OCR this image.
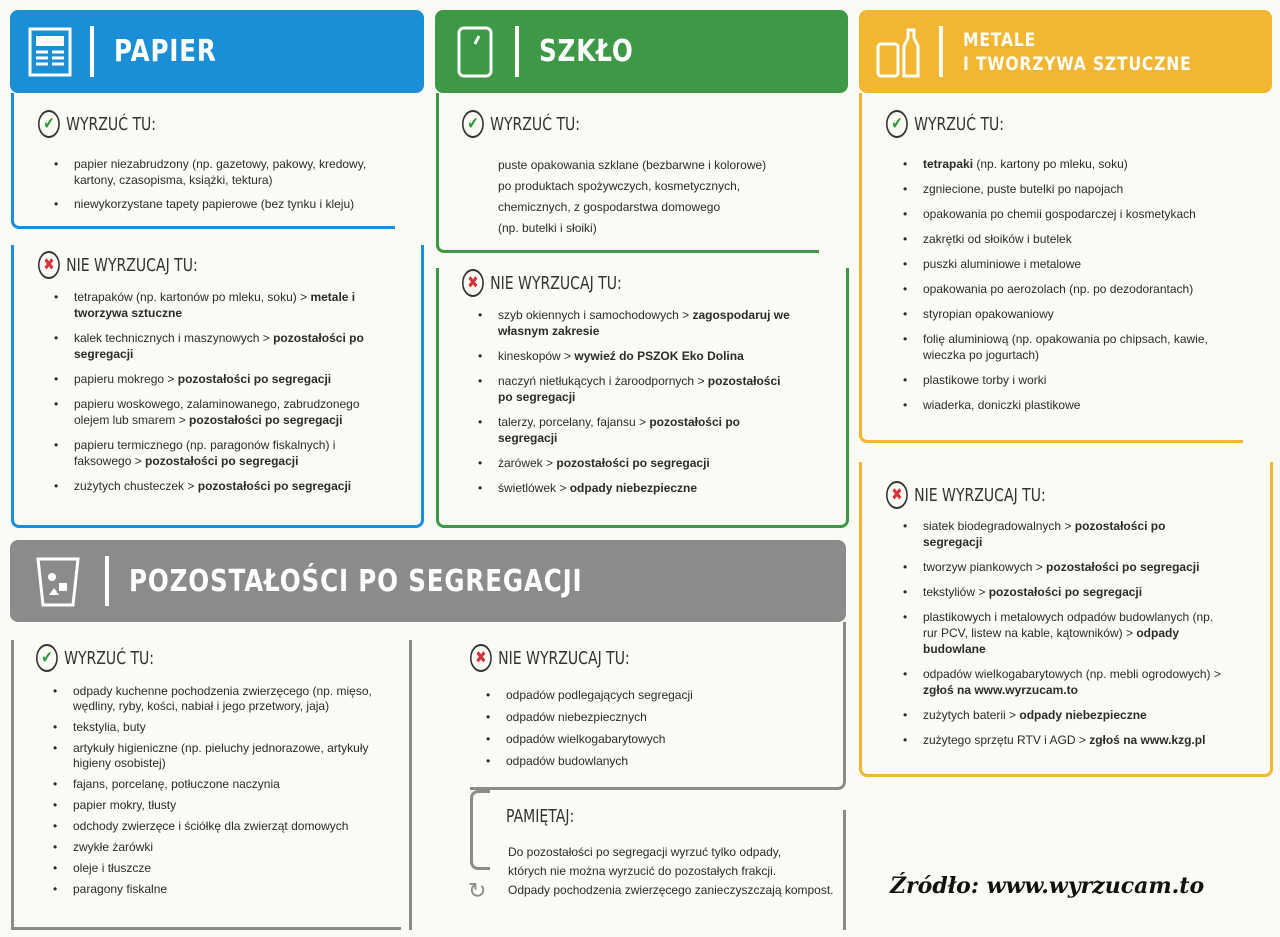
PAPIER	SZKŁO	METALE
I TWORZYWA SZTUCZNE
POZOSTAŁOŚCI PO SEGREGACJI
✔ WYRZUĆ TU:
• papier niezabrudzony (np. gazetowy, pakowy, kredowy, kartony, czasopisma, książki, tektura)
• niewykorzystane tapety papierowe (bez tynku i kleju)
✖ NIE WYRZUCAJ TU:
• tetrapaków (np. kartonów po mleku, soku) > metale i tworzywa sztuczne
• kalek technicznych i maszynowych > pozostałości po segregacji
• papieru mokrego > pozostałości po segregacji
• papieru woskowego, zalaminowanego, zabrudzonego olejem lub smarem > pozostałości po segregacji
• papieru termicznego (np. paragonów fiskalnych) i faksowego > pozostałości po segregacji
• zużytych chusteczek > pozostałości po segregacji
✔ WYRZUĆ TU:
puste opakowania szklane (bezbarwne i kolorowe)
po produktach spożywczych, kosmetycznych,
chemicznych, z gospodarstwa domowego
(np. butelki i słoiki)
✖ NIE WYRZUCAJ TU:
• szyb okiennych i samochodowych > zagospodaruj we własnym zakresie
• kineskopów > wywieź do PSZOK Eko Dolina
• naczyń nietłukących i żaroodpornych > pozostałości po segregacji
• talerzy, porcelany, fajansu > pozostałości po segregacji
• żarówek > pozostałości po segregacji
• świetlówek > odpady niebezpieczne
✔ WYRZUĆ TU:
• tetrapaki (np. kartony po mleku, soku)
• zgniecione, puste butelki po napojach
• opakowania po chemii gospodarczej i kosmetykach
• zakrętki od słoików i butelek
• puszki aluminiowe i metalowe
• opakowania po aerozolach (np. po dezodorantach)
• styropian opakowaniowy
• folię aluminiową (np. opakowania po chipsach, kawie, wieczka po jogurtach)
• plastikowe torby i worki
• wiaderka, doniczki plastikowe
✖ NIE WYRZUCAJ TU:
• siatek biodegradowalnych > pozostałości po segregacji
• tworzyw piankowych > pozostałości po segregacji
• tekstyliów > pozostałości po segregacji
• plastikowych i metalowych odpadów budowlanych (np. rur PCV, listew na kable, kątowników) > odpady budowlane
• odpadów wielkogabarytowych (np. mebli ogrodowych) > zgłoś na www.wyrzucam.to
• zużytych baterii > odpady niebezpieczne
• zużytego sprzętu RTV i AGD > zgłoś na www.kzg.pl
✔ WYRZUĆ TU:
• odpady kuchenne pochodzenia zwierzęcego (np. mięso, wędliny, ryby, kości, nabiał i jego przetwory, jaja)
• tekstylia, buty
• artykuły higieniczne (np. pieluchy jednorazowe, artykuły higieny osobistej)
• fajans, porcelanę, potłuczone naczynia
• papier mokry, tłusty
• odchody zwierzęce i ściółkę dla zwierząt domowych
• zwykłe żarówki
• oleje i tłuszcze
• paragony fiskalne
✖ NIE WYRZUCAJ TU:
• odpadów podlegających segregacji
• odpadów niebezpiecznych
• odpadów wielkogabarytowych
• odpadów budowlanych
PAMIĘTAJ:
Do pozostałości po segregacji wyrzuć tylko odpady,
których nie można wyrzucić do pozostałych frakcji.
Odpady pochodzenia zwierzęcego zanieczyszczają kompost.
↻	Źródło: www.wyrzucam.to
